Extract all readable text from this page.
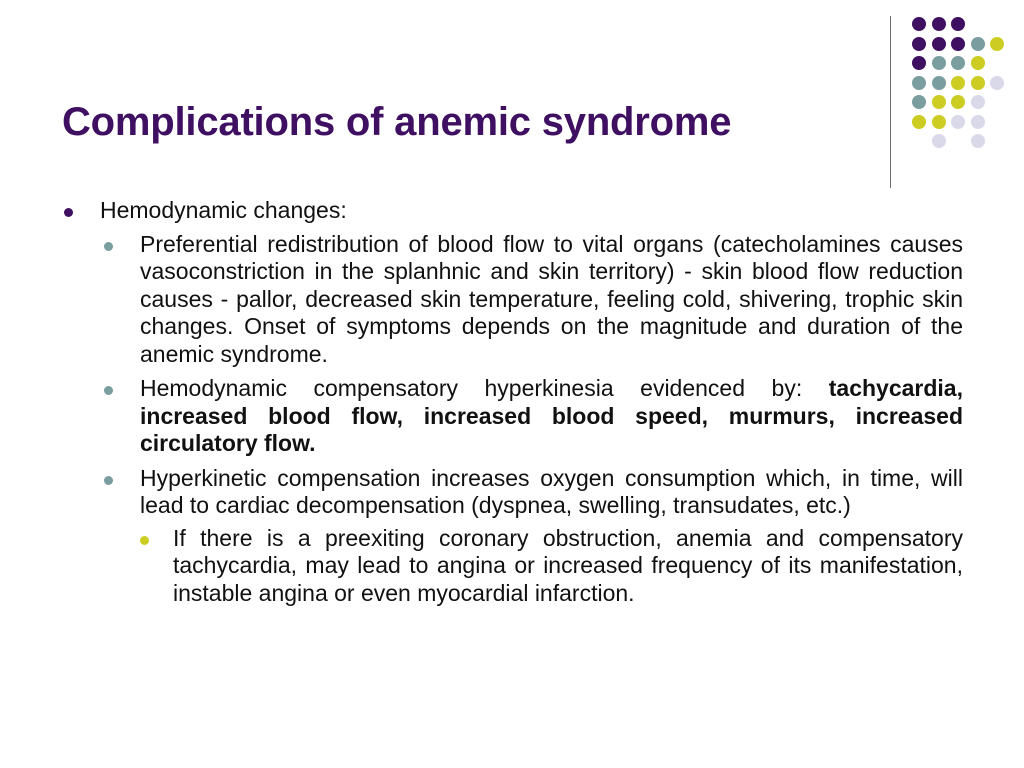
Complications of anemic syndrome
Hemodynamic changes:
Preferential redistribution of blood flow to vital organs (catecholamines causes vasoconstriction in the splanhnic and skin territory) - skin blood flow reduction causes - pallor, decreased skin temperature, feeling cold, shivering, trophic skin changes. Onset of symptoms depends on the magnitude and duration of the anemic syndrome.
Hemodynamic compensatory hyperkinesia evidenced by: tachycardia, increased blood flow, increased blood speed, murmurs, increased circulatory flow.
Hyperkinetic compensation increases oxygen consumption which, in time, will lead to cardiac decompensation (dyspnea, swelling, transudates, etc.)
If there is a preexiting coronary obstruction, anemia and compensatory tachycardia, may lead to angina or increased frequency of its manifestation, instable angina or even myocardial infarction.
